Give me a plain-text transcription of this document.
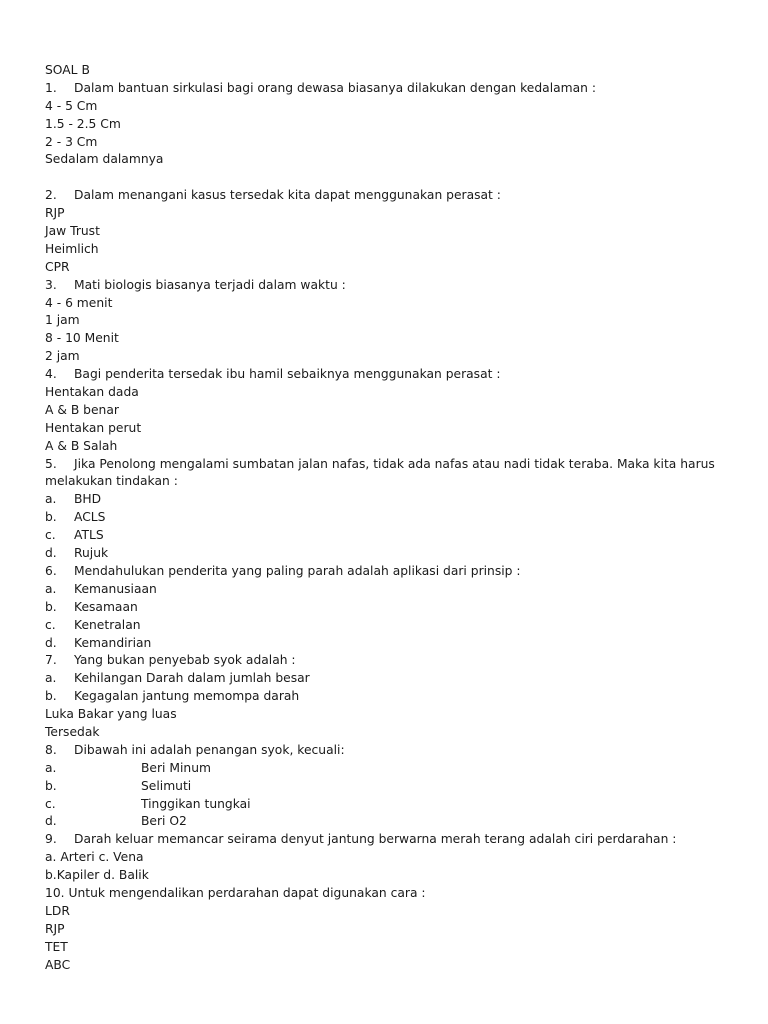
SOAL B
1. Dalam bantuan sirkulasi bagi orang dewasa biasanya dilakukan dengan kedalaman :
4 - 5 Cm
1.5 - 2.5 Cm
2 - 3 Cm
Sedalam dalamnya
2. Dalam menangani kasus tersedak kita dapat menggunakan perasat :
RJP
Jaw Trust
Heimlich
CPR
3. Mati biologis biasanya terjadi dalam waktu :
4 - 6 menit
1 jam
8 - 10 Menit
2 jam
4. Bagi penderita tersedak ibu hamil sebaiknya menggunakan perasat :
Hentakan dada
A & B benar
Hentakan perut
A & B Salah
5. Jika Penolong mengalami sumbatan jalan nafas, tidak ada nafas atau nadi tidak teraba. Maka kita harus
melakukan tindakan :
a. BHD
b. ACLS
c. ATLS
d. Rujuk
6. Mendahulukan penderita yang paling parah adalah aplikasi dari prinsip :
a. Kemanusiaan
b. Kesamaan
c. Kenetralan
d. Kemandirian
7. Yang bukan penyebab syok adalah :
a. Kehilangan Darah dalam jumlah besar
b. Kegagalan jantung memompa darah
Luka Bakar yang luas
Tersedak
8. Dibawah ini adalah penangan syok, kecuali:
a.	Beri Minum
b.	Selimuti
c.	Tinggikan tungkai
d.	Beri O2
9. Darah keluar memancar seirama denyut jantung berwarna merah terang adalah ciri perdarahan :
a. Arteri c. Vena
b.Kapiler d. Balik
10. Untuk mengendalikan perdarahan dapat digunakan cara :
LDR
RJP
TET
ABC
